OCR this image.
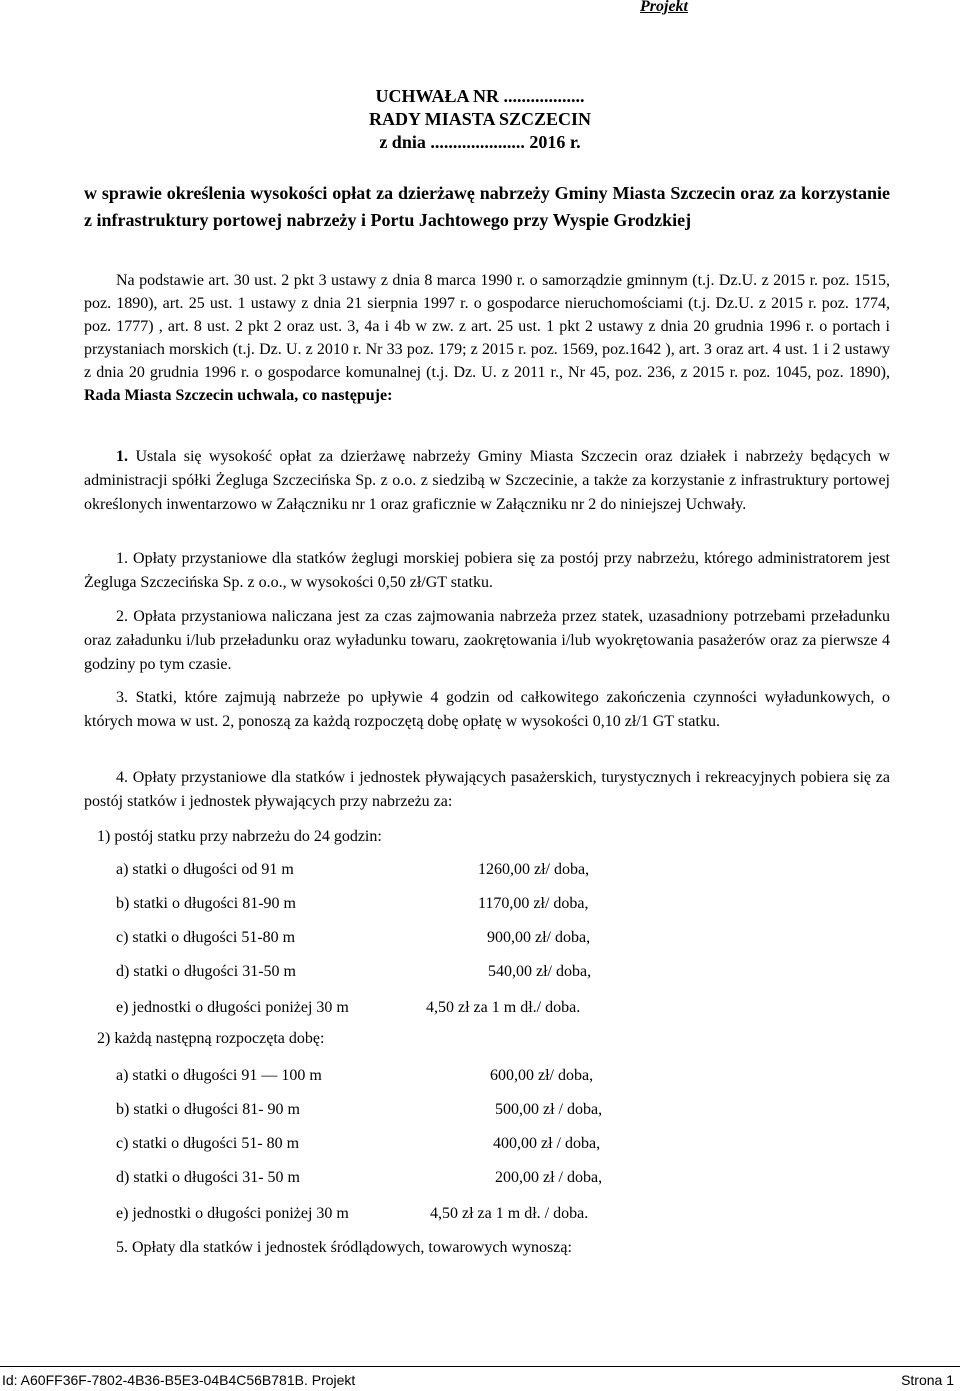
Projekt
UCHWAŁA NR ..................
RADY MIASTA SZCZECIN
z dnia ..................... 2016 r.
w sprawie określenia wysokości opłat za dzierżawę nabrzeży Gminy Miasta Szczecin oraz za korzystanie z infrastruktury portowej nabrzeży i Portu Jachtowego przy Wyspie Grodzkiej
Na podstawie art. 30 ust. 2 pkt 3 ustawy z dnia 8 marca 1990 r. o samorządzie gminnym (t.j. Dz.U. z 2015 r. poz. 1515, poz. 1890), art. 25 ust. 1 ustawy z dnia 21 sierpnia 1997 r. o gospodarce nieruchomościami (t.j. Dz.U. z 2015 r. poz. 1774, poz. 1777) , art. 8 ust. 2 pkt 2 oraz ust. 3, 4a i 4b w zw. z art. 25 ust. 1 pkt 2 ustawy z dnia 20 grudnia 1996 r. o portach i przystaniach morskich (t.j. Dz. U. z 2010 r. Nr 33 poz. 179; z 2015 r. poz. 1569, poz.1642 ), art. 3 oraz art. 4 ust. 1 i 2 ustawy z dnia 20 grudnia 1996 r. o gospodarce komunalnej (t.j. Dz. U. z 2011 r., Nr 45, poz. 236, z 2015 r. poz. 1045, poz. 1890), Rada Miasta Szczecin uchwala, co następuje:
1. Ustala się wysokość opłat za dzierżawę nabrzeży Gminy Miasta Szczecin oraz działek i nabrzeży będących w administracji spółki Żegluga Szczecińska Sp. z o.o. z siedzibą w Szczecinie, a także za korzystanie z infrastruktury portowej określonych inwentarzowo w Załączniku nr 1 oraz graficznie w Załączniku nr 2 do niniejszej Uchwały.
1. Opłaty przystaniowe dla statków żeglugi morskiej pobiera się za postój przy nabrzeżu, którego administratorem jest Żegluga Szczecińska Sp. z o.o., w wysokości 0,50 zł/GT statku.
2. Opłata przystaniowa naliczana jest za czas zajmowania nabrzeża przez statek, uzasadniony potrzebami przeładunku oraz załadunku i/lub przeładunku oraz wyładunku towaru, zaokrętowania i/lub wyokrętowania pasażerów oraz za pierwsze 4 godziny po tym czasie.
3. Statki, które zajmują nabrzeże po upływie 4 godzin od całkowitego zakończenia czynności wyładunkowych, o których mowa w ust. 2, ponoszą za każdą rozpoczętą dobę opłatę w wysokości 0,10 zł/1 GT statku.
4. Opłaty przystaniowe dla statków i jednostek pływających pasażerskich, turystycznych i rekreacyjnych pobiera się za postój statków i jednostek pływających przy nabrzeżu za:
1) postój statku przy nabrzeżu do 24 godzin:
a) statki o długości od 91 m	1260,00 zł/ doba,
b) statki o długości 81-90 m	1170,00 zł/ doba,
c) statki o długości 51-80 m	900,00 zł/ doba,
d) statki o długości 31-50 m	540,00 zł/ doba,
e) jednostki o długości poniżej 30 m	4,50 zł za 1 m dł./ doba.
2) każdą następną rozpoczęta dobę:
a) statki o długości 91 — 100 m	600,00 zł/ doba,
b) statki o długości 81- 90 m	500,00 zł / doba,
c) statki o długości 51- 80 m	400,00 zł / doba,
d) statki o długości 31- 50 m	200,00 zł / doba,
e) jednostki o długości poniżej 30 m	4,50 zł za 1 m dł. / doba.
5. Opłaty dla statków i jednostek śródlądowych, towarowych wynoszą:
Id: A60FF36F-7802-4B36-B5E3-04B4C56B781B. Projekt	Strona 1
